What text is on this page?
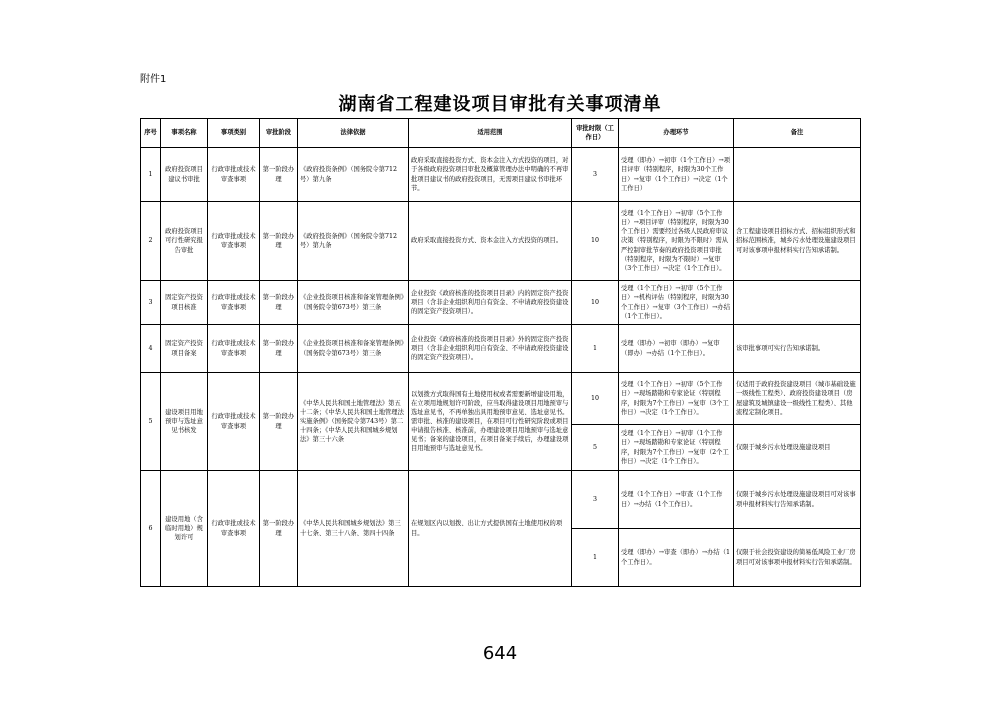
附件1
湖南省工程建设项目审批有关事项清单
序号	事项名称	事项类别	审批阶段	法律依据	适用范围	审批时限（工作日）	办理环节	备注
1	政府投资项目建议书审批	行政审批或技术审查事项	第一阶段办理	《政府投资条例》（国务院令第712号）第九条	政府采取直接投资方式、资本金注入方式投资的项目，对于各级政府投资项目审批及概算管理办法中明确的不再审批项目建议书的政府投资项目，无需项目建议书审批环节。	3	受理（即办）→初审（1个工作日）→项目评审（特别程序，时限为30个工作日）→复审（1个工作日）→决定（1个工作日）	
2	政府投资项目可行性研究报告审批	行政审批或技术审查事项	第一阶段办理	《政府投资条例》（国务院令第712号）第九条	政府采取直接投资方式、资本金注入方式投资的项目。	10	受理（1个工作日）→初审（5个工作日）→项目评审（特别程序，时限为30个工作日）需要经过各级人民政府审议决策（特别程序，时限为不限时）需从严控制审批节奏的政府投资项目审批（特别程序，时限为不限时）→复审（3个工作日）→决定（1个工作日）。	含工程建设项目招标方式、招标组织形式和招标范围核准，城乡污水处理设施建设项目可对该事项申报材料实行告知承诺制。
3	固定资产投资项目核准	行政审批或技术审查事项	第一阶段办理	《企业投资项目核准和备案管理条例》（国务院令第673号）第三条	企业投资《政府核准的投资项目目录》内的固定资产投资项目（含非企业组织利用自有资金、不申请政府投资建设的固定资产投资项目）。	10	受理（1个工作日）→初审（5个工作日）→机构评估（特别程序，时限为30个工作日）→复审（3个工作日）→办结（1个工作日）。	
4	固定资产投资项目备案	行政审批或技术审查事项	第一阶段办理	《企业投资项目核准和备案管理条例》（国务院令第673号）第三条	企业投资《政府核准的投资项目目录》外的固定资产投资项目（含非企业组织利用自有资金、不申请政府投资建设的固定资产投资项目）。	1	受理（即办）→初审（即办）→复审（即办）→办结（1个工作日）。	该审批事项可实行告知承诺制。
5	建设项目用地预审与选址意见书核发	行政审批或技术审查事项	第一阶段办理	《中华人民共和国土地管理法》第五十二条；《中华人民共和国土地管理法实施条例》（国务院令第743号）第二十四条；《中华人民共和国城乡规划法》第三十六条	以划拨方式取得国有土地使用权或者需要新增建设用地，在立项用地规划许可阶段，应当取得建设项目用地预审与选址意见书，不再单独出具用地预审意见、选址意见书。需审批、核准的建设项目，在项目可行性研究阶段或项目申请报告核准、核准前，办理建设项目用地预审与选址意见书；备案的建设项目，在项目备案手续后，办理建设项目用地预审与选址意见书。	10	受理（1个工作日）→初审（5个工作日）→现场踏勘和专家论证（特别程序，时限为7个工作日）→复审（3个工作日）→决定（1个工作日）。	仅适用于政府投资建设项目（城市基础设施一级线性工程类）、政府投资建设项目（房屋建筑及城镇建设一级线性工程类）、其他流程定制化项目。
						5	受理（1个工作日）→初审（1个工作日）→现场踏勘和专家论证（特别程序，时限为7个工作日）→复审（2个工作日）→决定（1个工作日）。	仅限于城乡污水处理设施建设项目
6	建设用地（含临时用地）规划许可	行政审批或技术审查事项	第一阶段办理	《中华人民共和国城乡规划法》第三十七条、第三十八条、第四十四条	在规划区内以划拨、出让方式提供国有土地使用权的项目。	3	受理（1个工作日）→审查（1个工作日）→办结（1个工作日）。	仅限于城乡污水处理设施建设项目可对该事项申报材料实行告知承诺制。
						1	受理（即办）→审查（即办）→办结（1个工作日）。	仅限于社会投资建设的简易低风险工业厂房项目可对该事项申报材料实行告知承诺制。
644
